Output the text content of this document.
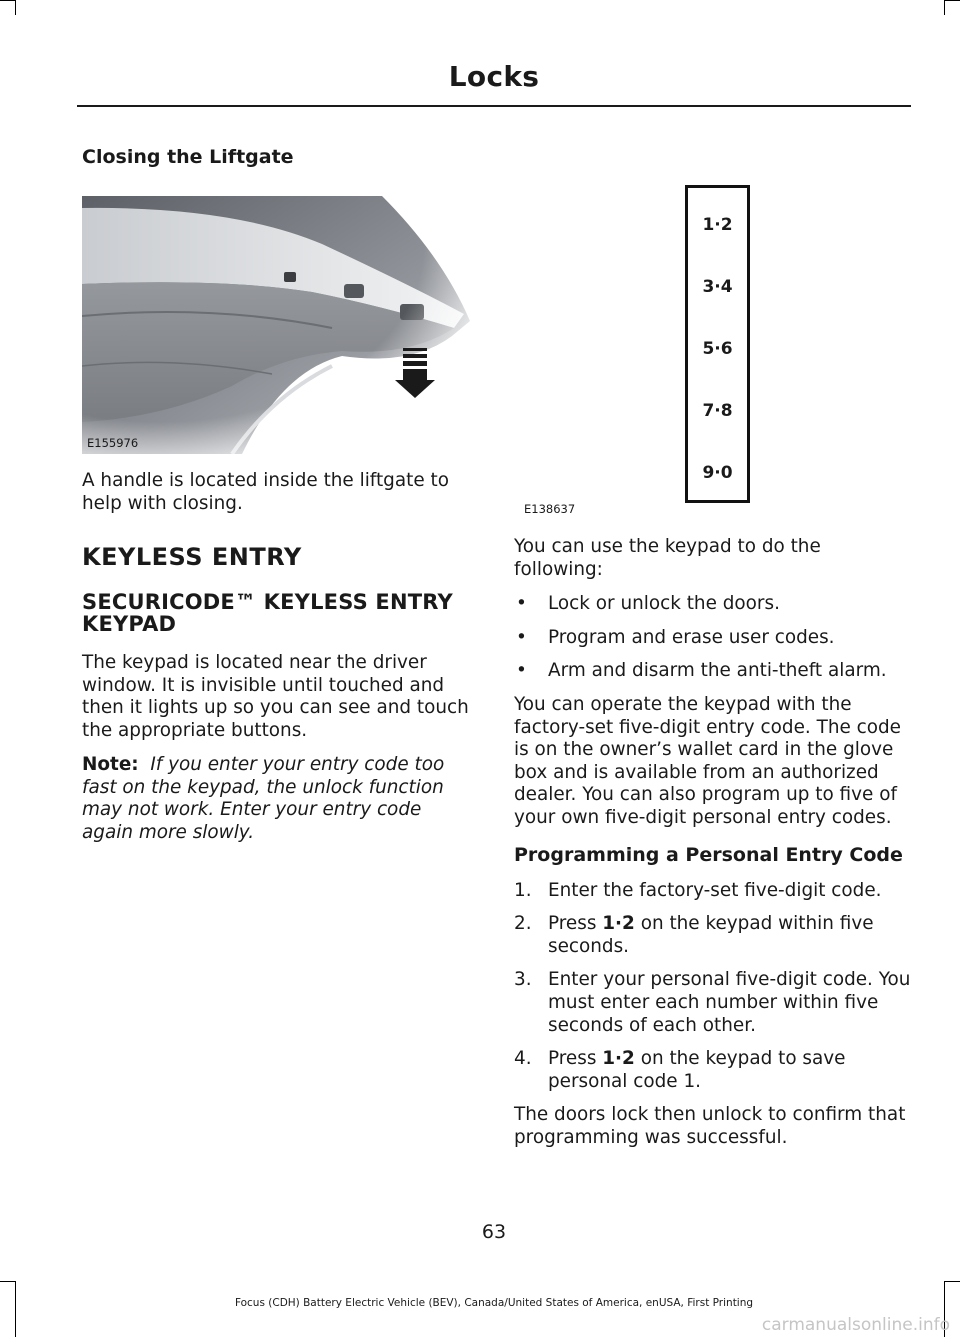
Locks
Closing the Liftgate
E155976

A handle is located inside the liftgate to help with closing.

KEYLESS ENTRY
SECURICODE™ KEYLESS ENTRY KEYPAD

The keypad is located near the driver window. It is invisible until touched and then it lights up so you can see and touch the appropriate buttons.

Note: If you enter your entry code too fast on the keypad, the unlock function may not work. Enter your entry code again more slowly.

1·2
3·4
5·6
7·8
9·0
E138637

You can use the keypad to do the following:

• Lock or unlock the doors.
• Program and erase user codes.
• Arm and disarm the anti-theft alarm.

You can operate the keypad with the factory-set five-digit entry code. The code is on the owner’s wallet card in the glove box and is available from an authorized dealer. You can also program up to five of your own five-digit personal entry codes.

Programming a Personal Entry Code
1. Enter the factory-set five-digit code.
2. Press 1·2 on the keypad within five seconds.
3. Enter your personal five-digit code. You must enter each number within five seconds of each other.
4. Press 1·2 on the keypad to save personal code 1.

The doors lock then unlock to confirm that programming was successful.

63
Focus (CDH) Battery Electric Vehicle (BEV), Canada/United States of America, enUSA, First Printing
carmanualsonline.info
